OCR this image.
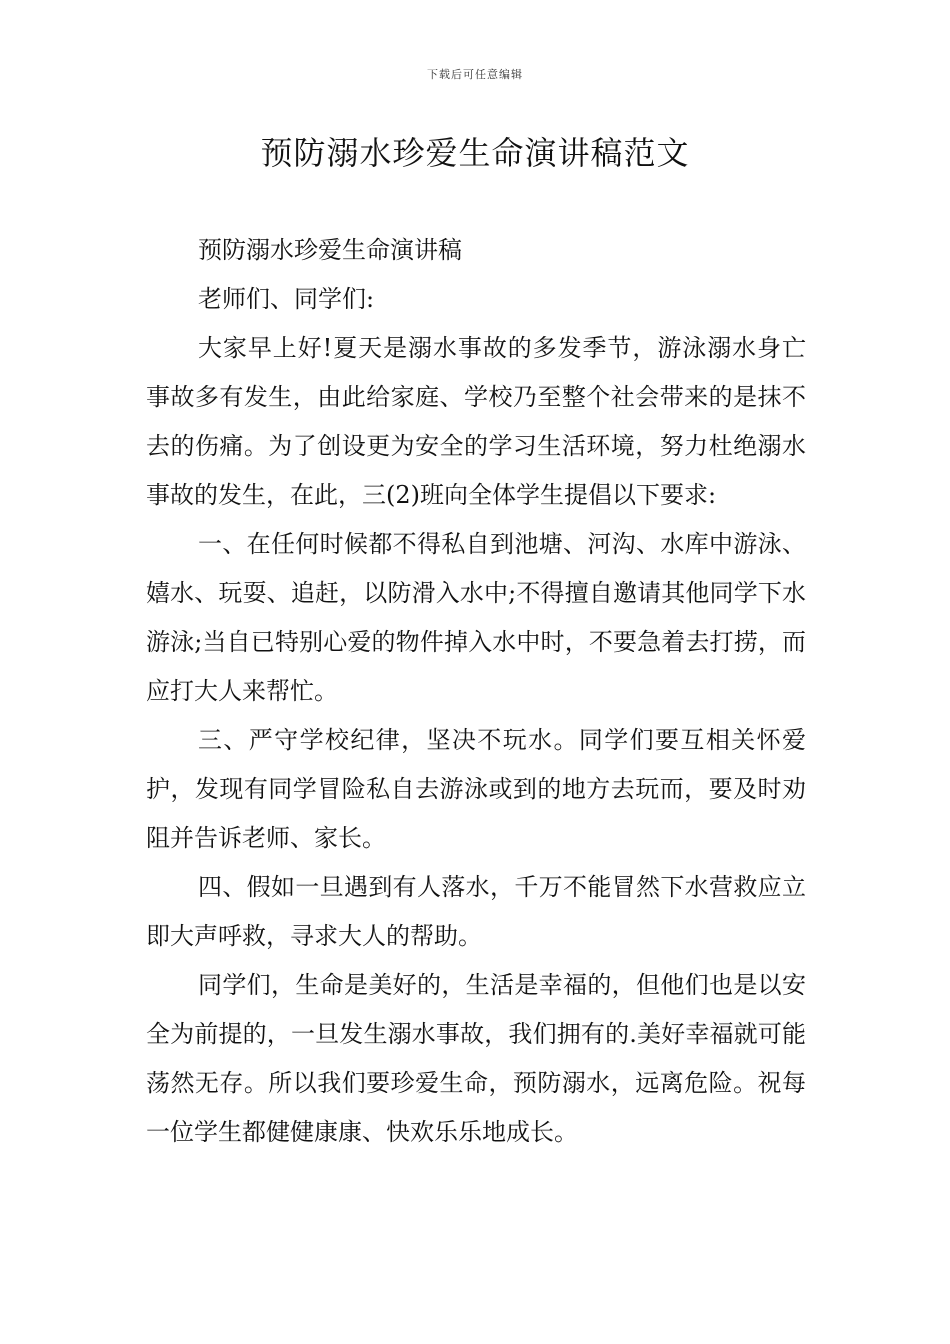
下载后可任意编辑
预防溺水珍爱生命演讲稿范文

预防溺水珍爱生命演讲稿

老师们、同学们:

大家早上好!夏天是溺水事故的多发季节，游泳溺水身亡事故多有发生，由此给家庭、学校乃至整个社会带来的是抹不去的伤痛。为了创设更为安全的学习生活环境，努力杜绝溺水事故的发生，在此，三(2)班向全体学生提倡以下要求:

一、在任何时候都不得私自到池塘、河沟、水库中游泳、嬉水、玩耍、追赶，以防滑入水中;不得擅自邀请其他同学下水游泳;当自已特别心爱的物件掉入水中时，不要急着去打捞，而应打大人来帮忙。

三、严守学校纪律，坚决不玩水。同学们要互相关怀爱护，发现有同学冒险私自去游泳或到的地方去玩而，要及时劝阻并告诉老师、家长。

四、假如一旦遇到有人落水，千万不能冒然下水营救应立即大声呼救，寻求大人的帮助。

同学们，生命是美好的，生活是幸福的，但他们也是以安全为前提的，一旦发生溺水事故，我们拥有的.美好幸福就可能荡然无存。所以我们要珍爱生命，预防溺水，远离危险。祝每一位学生都健健康康、快欢乐乐地成长。
